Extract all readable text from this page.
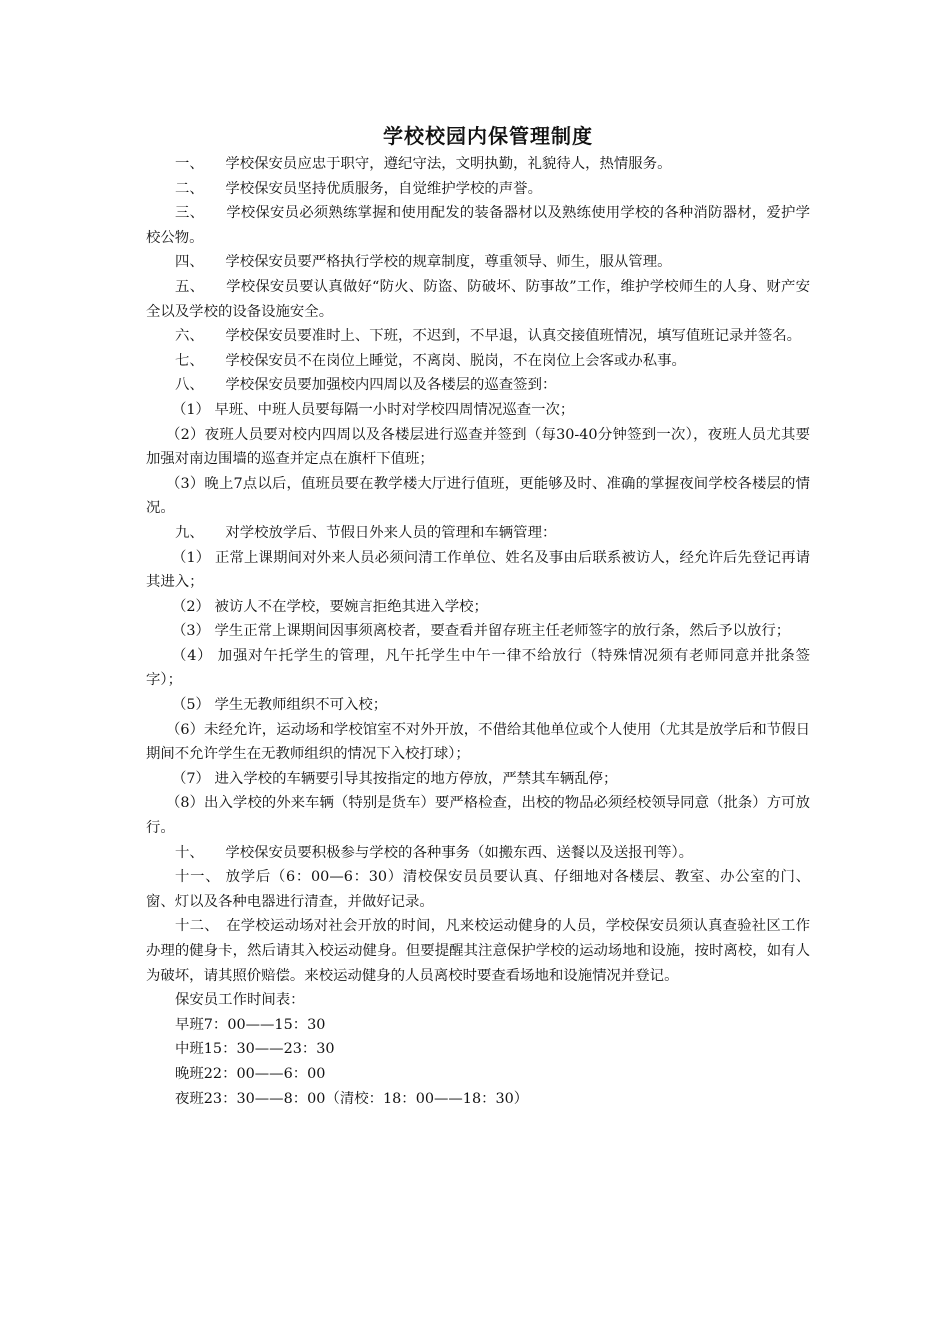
学校校园内保管理制度

一、　　学校保安员应忠于职守，遵纪守法，文明执勤，礼貌待人，热情服务。

二、　　学校保安员坚持优质服务，自觉维护学校的声誉。

三、　　学校保安员必须熟练掌握和使用配发的装备器材以及熟练使用学校的各种消防器材，爱护学校公物。

四、　　学校保安员要严格执行学校的规章制度，尊重领导、师生，服从管理。

五、　　学校保安员要认真做好“防火、防盗、防破坏、防事故”工作，维护学校师生的人身、财产安全以及学校的设备设施安全。

六、　　学校保安员要准时上、下班，不迟到，不早退，认真交接值班情况，填写值班记录并签名。

七、　　学校保安员不在岗位上睡觉，不离岗、脱岗，不在岗位上会客或办私事。

八、　　学校保安员要加强校内四周以及各楼层的巡查签到：

（1） 早班、中班人员要每隔一小时对学校四周情况巡查一次；

（2）夜班人员要对校内四周以及各楼层进行巡查并签到（每30-40分钟签到一次），夜班人员尤其要加强对南边围墙的巡查并定点在旗杆下值班；

（3）晚上7点以后，值班员要在教学楼大厅进行值班，更能够及时、准确的掌握夜间学校各楼层的情况。

九、　　对学校放学后、节假日外来人员的管理和车辆管理：

（1） 正常上课期间对外来人员必须问清工作单位、姓名及事由后联系被访人，经允许后先登记再请其进入；

（2） 被访人不在学校，要婉言拒绝其进入学校；

（3） 学生正常上课期间因事须离校者，要查看并留存班主任老师签字的放行条，然后予以放行；

（4） 加强对午托学生的管理，凡午托学生中午一律不给放行（特殊情况须有老师同意并批条签字）；

（5） 学生无教师组织不可入校；

（6）未经允许，运动场和学校馆室不对外开放，不借给其他单位或个人使用（尤其是放学后和节假日期间不允许学生在无教师组织的情况下入校打球）；

（7） 进入学校的车辆要引导其按指定的地方停放，严禁其车辆乱停；

（8）出入学校的外来车辆（特别是货车）要严格检查，出校的物品必须经校领导同意（批条）方可放行。

十、　　学校保安员要积极参与学校的各种事务（如搬东西、送餐以及送报刊等）。

十一、 放学后（6：00—6：30）清校保安员员要认真、仔细地对各楼层、教室、办公室的门、窗、灯以及各种电器进行清查，并做好记录。

十二、　在学校运动场对社会开放的时间，凡来校运动健身的人员，学校保安员须认真查验社区工作办理的健身卡，然后请其入校运动健身。但要提醒其注意保护学校的运动场地和设施，按时离校，如有人为破坏，请其照价赔偿。来校运动健身的人员离校时要查看场地和设施情况并登记。

保安员工作时间表：

早班7：00——15：30

中班15：30——23：30

晚班22：00——6：00

夜班23：30——8：00（清校：18：00——18：30）
